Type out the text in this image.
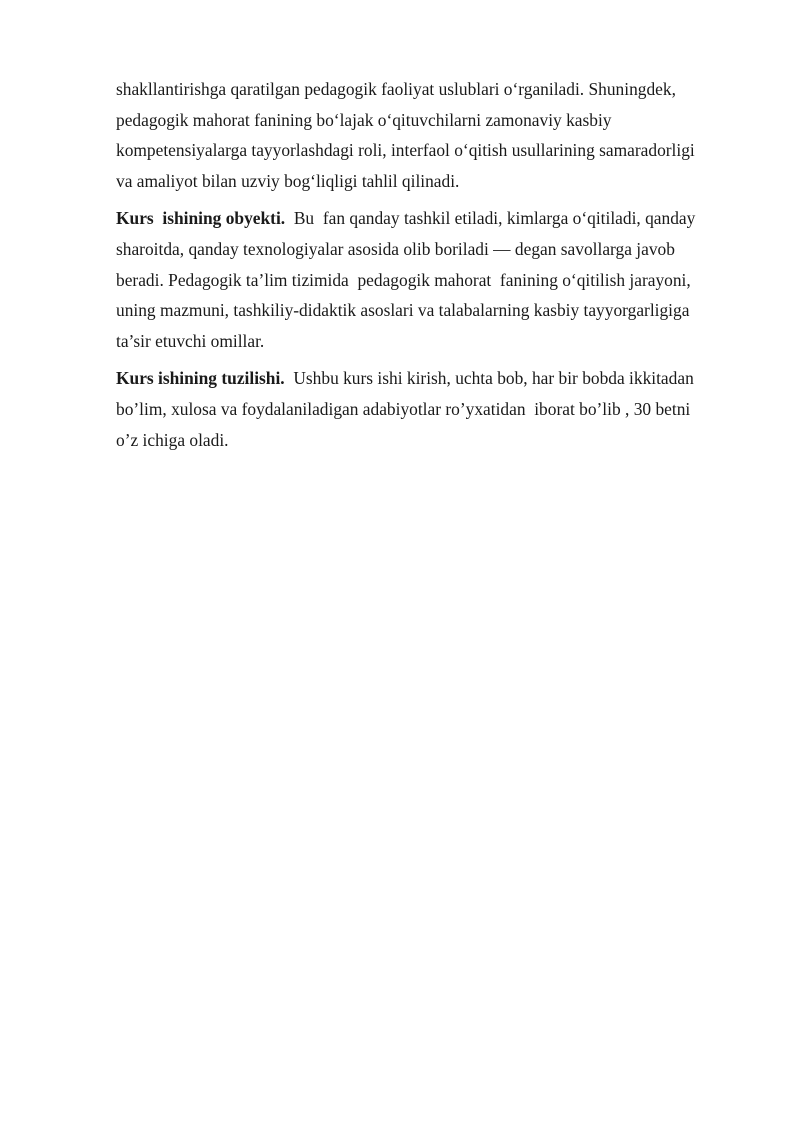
shakllantirishga qaratilgan pedagogik faoliyat uslublari o‘rganiladi. Shuningdek,
pedagogik mahorat fanining bo‘lajak o‘qituvchilarni zamonaviy kasbiy
kompetensiyalarga tayyorlashdagi roli, interfaol o‘qitish usullarining samaradorligi
va amaliyot bilan uzviy bog‘liqligi tahlil qilinadi.
Kurs  ishining obyekti.  Bu  fan qanday tashkil etiladi, kimlarga o‘qitiladi, qanday
sharoitda, qanday texnologiyalar asosida olib boriladi — degan savollarga javob
beradi. Pedagogik ta’lim tizimida  pedagogik mahorat  fanining o‘qitilish jarayoni,
uning mazmuni, tashkiliy-didaktik asoslari va talabalarning kasbiy tayyorgarligiga
ta’sir etuvchi omillar.
Kurs ishining tuzilishi.  Ushbu kurs ishi kirish, uchta bob, har bir bobda ikkitadan
bo’lim, xulosa va foydalaniladigan adabiyotlar ro’yxatidan  iborat bo’lib , 30 betni
o’z ichiga oladi.
